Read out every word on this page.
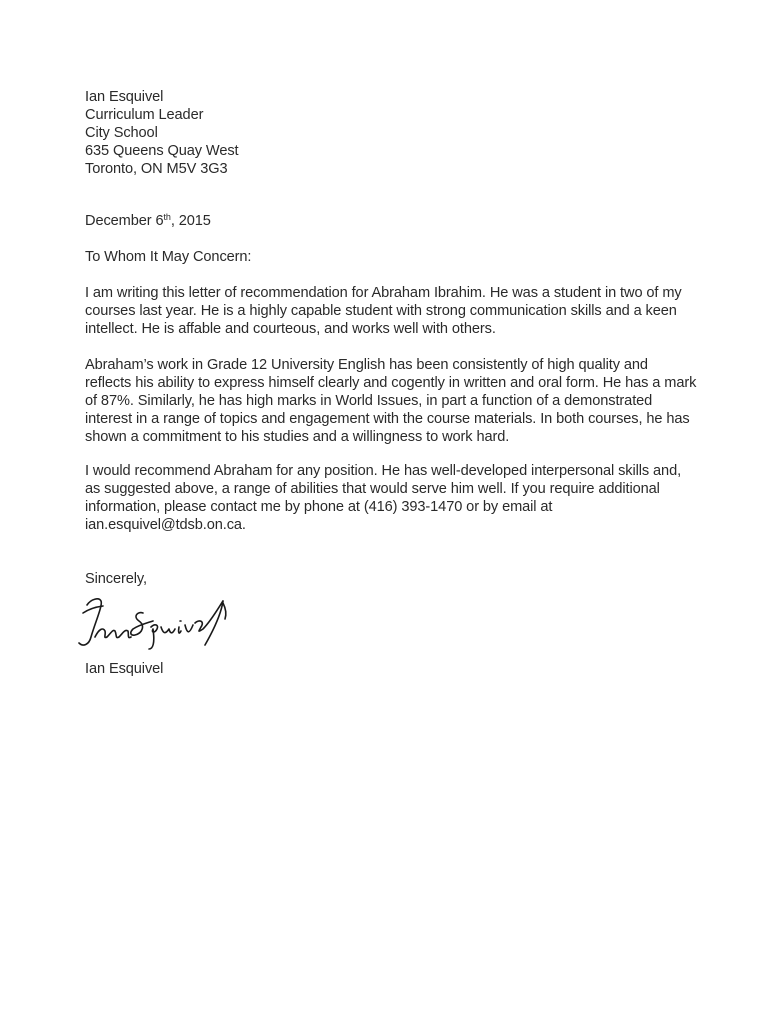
Ian Esquivel
Curriculum Leader
City School
635 Queens Quay West
Toronto, ON M5V 3G3
December 6th, 2015
To Whom It May Concern:

I am writing this letter of recommendation for Abraham Ibrahim. He was a student in two of my courses last year. He is a highly capable student with strong communication skills and a keen intellect. He is affable and courteous, and works well with others.

Abraham’s work in Grade 12 University English has been consistently of high quality and reflects his ability to express himself clearly and cogently in written and oral form. He has a mark of 87%. Similarly, he has high marks in World Issues, in part a function of a demonstrated interest in a range of topics and engagement with the course materials. In both courses, he has shown a commitment to his studies and a willingness to work hard.

I would recommend Abraham for any position. He has well-developed interpersonal skills and, as suggested above, a range of abilities that would serve him well. If you require additional information, please contact me by phone at (416) 393-1470 or by email at ian.esquivel@tdsb.on.ca.

Sincerely,
Ian Esquivel
